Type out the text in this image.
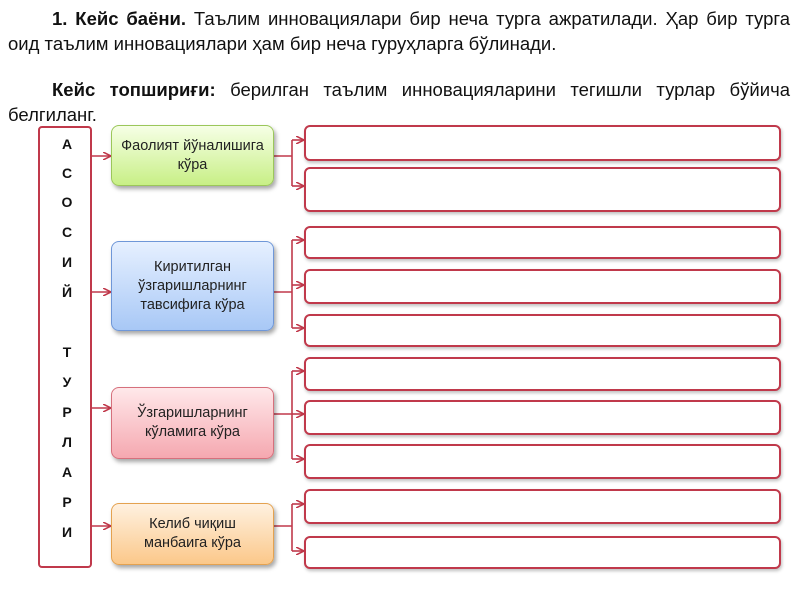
1. Кейс баёни. Таълим инновациялари бир неча турга ажратилади. Ҳар бир турга оид таълим инновациялари ҳам бир неча гуруҳларга бўлинади.
Кейс топшириғи: берилган таълим инновацияларини тегишли турлар бўйича белгиланг.
А
С
О
С
И
Й
Т
У
Р
Л
А
Р
И
Фаолият йўналишига кўра
Киритилган ўзгаришларнинг тавсифига кўра
Ўзгаришларнинг кўламига кўра
Келиб чиқиш манбаига кўра
